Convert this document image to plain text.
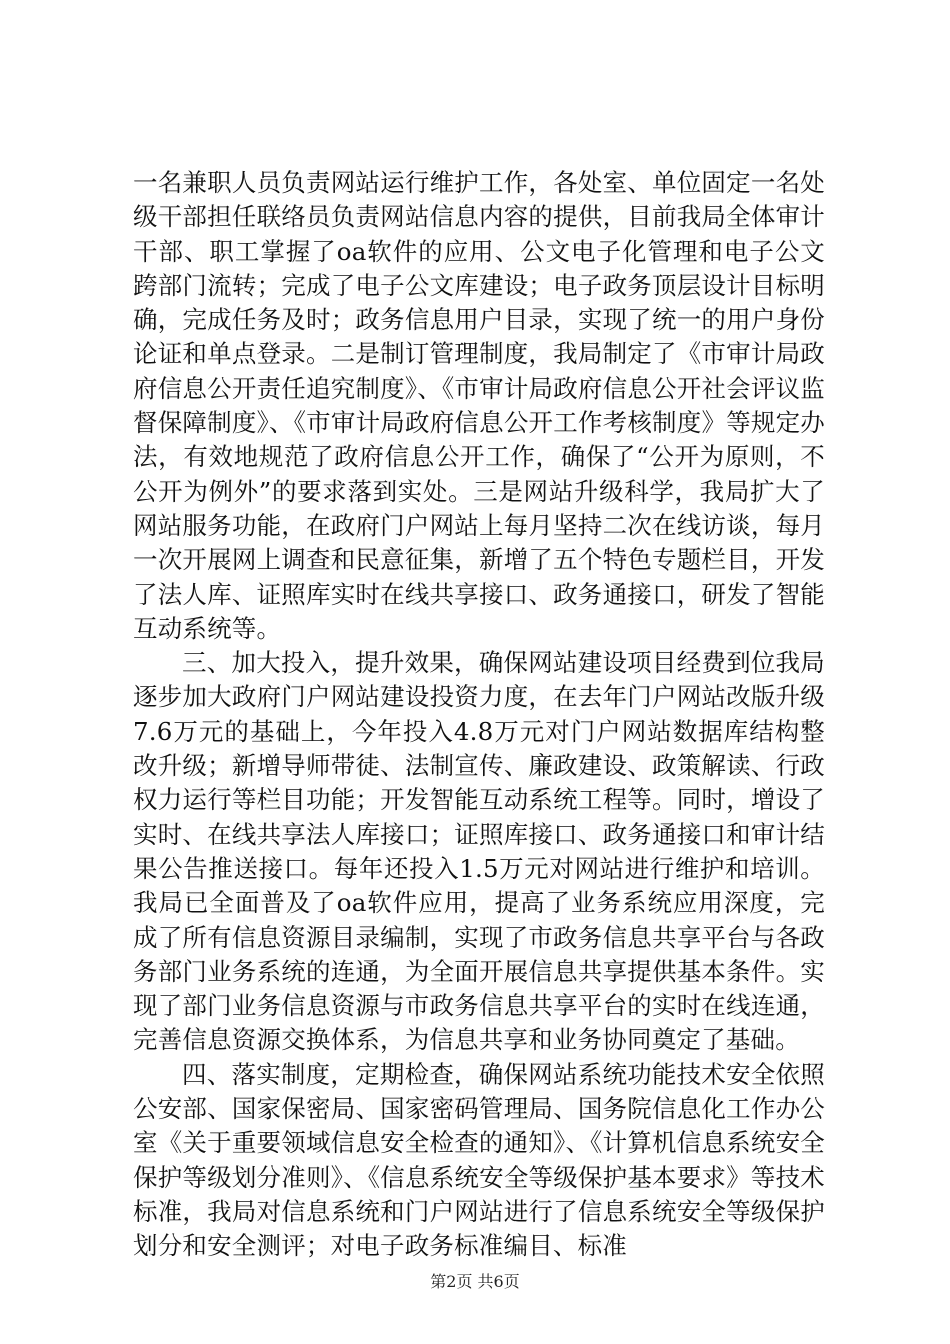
一名兼职人员负责网站运行维护工作，各处室、单位固定一名处级干部担任联络员负责网站信息内容的提供，目前我局全体审计干部、职工掌握了oa软件的应用、公文电子化管理和电子公文跨部门流转；完成了电子公文库建设；电子政务顶层设计目标明确，完成任务及时；政务信息用户目录，实现了统一的用户身份论证和单点登录。二是制订管理制度，我局制定了《市审计局政府信息公开责任追究制度》、《市审计局政府信息公开社会评议监督保障制度》、《市审计局政府信息公开工作考核制度》等规定办法，有效地规范了政府信息公开工作，确保了“公开为原则，不公开为例外”的要求落到实处。三是网站升级科学，我局扩大了网站服务功能，在政府门户网站上每月坚持二次在线访谈，每月一次开展网上调查和民意征集，新增了五个特色专题栏目，开发了法人库、证照库实时在线共享接口、政务通接口，研发了智能互动系统等。

三、加大投入，提升效果，确保网站建设项目经费到位我局逐步加大政府门户网站建设投资力度，在去年门户网站改版升级7.6万元的基础上，今年投入4.8万元对门户网站数据库结构整改升级；新增导师带徒、法制宣传、廉政建设、政策解读、行政权力运行等栏目功能；开发智能互动系统工程等。同时，增设了实时、在线共享法人库接口；证照库接口、政务通接口和审计结果公告推送接口。每年还投入1.5万元对网站进行维护和培训。我局已全面普及了oa软件应用，提高了业务系统应用深度，完成了所有信息资源目录编制，实现了市政务信息共享平台与各政务部门业务系统的连通，为全面开展信息共享提供基本条件。实现了部门业务信息资源与市政务信息共享平台的实时在线连通，完善信息资源交换体系，为信息共享和业务协同奠定了基础。

四、落实制度，定期检查，确保网站系统功能技术安全依照公安部、国家保密局、国家密码管理局、国务院信息化工作办公室《关于重要领域信息安全检查的通知》、《计算机信息系统安全保护等级划分准则》、《信息系统安全等级保护基本要求》等技术标准，我局对信息系统和门户网站进行了信息系统安全等级保护划分和安全测评；对电子政务标准编目、标准

第2页 共6页
